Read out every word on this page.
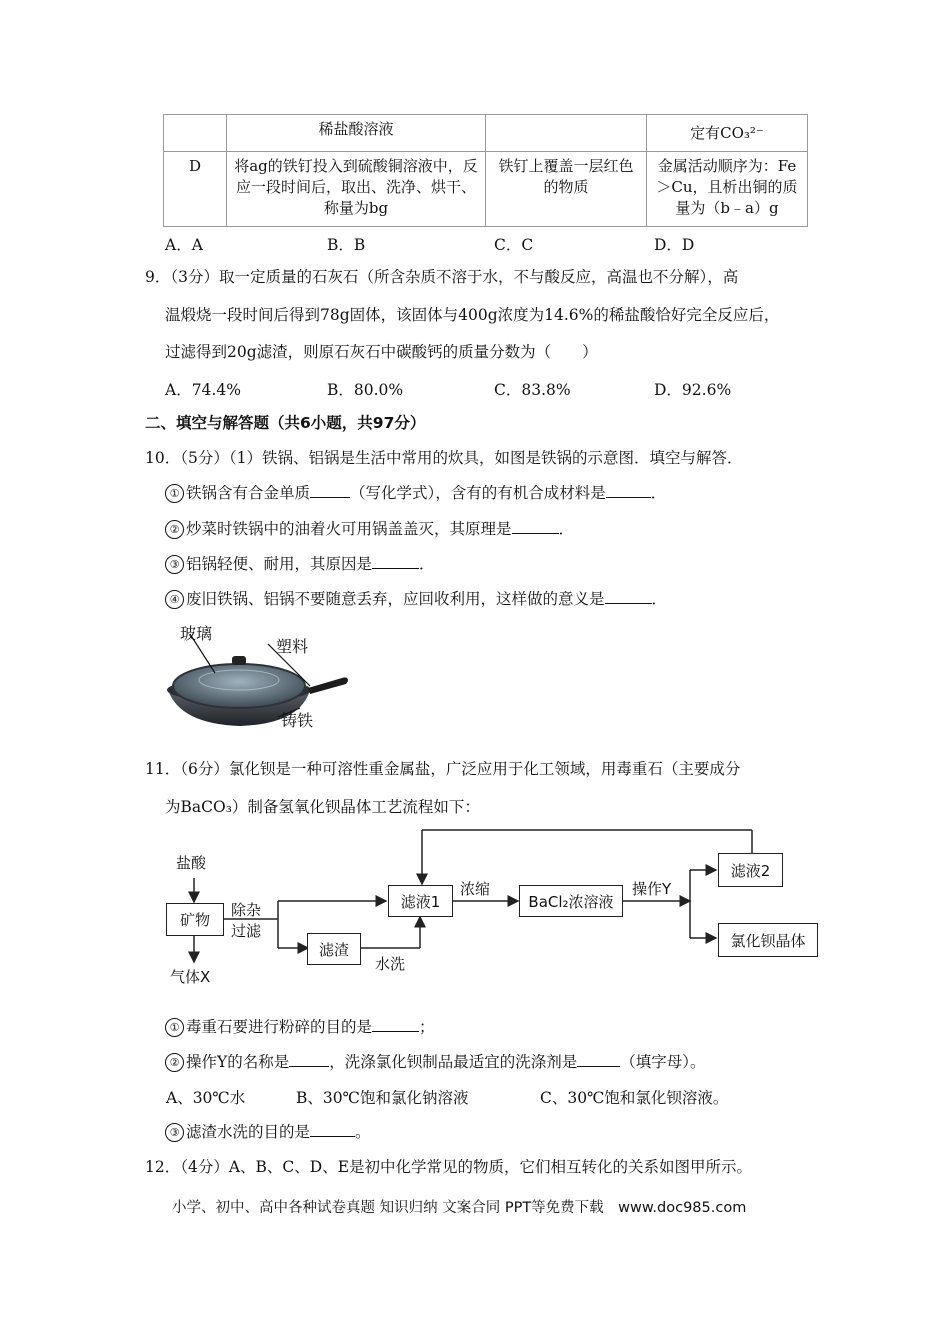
	稀盐酸溶液		定有CO₃²⁻
D	将ag的铁钉投入到硫酸铜溶液中，反应一段时间后，取出、洗净、烘干、称量为bg	铁钉上覆盖一层红色的物质	金属活动顺序为：Fe＞Cu，且析出铜的质量为（b﹣a）g
A．A	B．B	C．C	D．D
9．（3分）取一定质量的石灰石（所含杂质不溶于水，不与酸反应，高温也不分解），高
温煅烧一段时间后得到78g固体，该固体与400g浓度为14.6%的稀盐酸恰好完全反应后，
过滤得到20g滤渣，则原石灰石中碳酸钙的质量分数为（　　）
A．74.4%	B．80.0%	C．83.8%	D．92.6%
二、填空与解答题（共6小题，共97分）
10．（5分）（1）铁锅、铝锅是生活中常用的炊具，如图是铁锅的示意图．填空与解答．
① 铁锅含有合金单质	（写化学式），含有的有机合成材料是	．
② 炒菜时铁锅中的油着火可用锅盖盖灭，其原理是	．
③ 铝锅轻便、耐用，其原因是	．
④ 废旧铁锅、铝锅不要随意丢弃，应回收利用，这样做的意义是	．
玻璃
塑料
铸铁
11．（6分）氯化钡是一种可溶性重金属盐，广泛应用于化工领域，用毒重石（主要成分
为BaCO₃）制备氢氧化钡晶体工艺流程如下：
盐酸
矿物
气体X
除杂
过滤
滤液1
滤渣
水洗
浓缩
BaCl₂浓溶液
操作Y
滤液2
氯化钡晶体
① 毒重石要进行粉碎的目的是	；
② 操作Y的名称是	，洗涤氯化钡制品最适宜的洗涤剂是	（填字母）。
A、30℃水	B、30℃饱和氯化钠溶液	C、30℃饱和氯化钡溶液。
③ 滤渣水洗的目的是	。
12．（4分）A、B、C、D、E是初中化学常见的物质，它们相互转化的关系如图甲所示。
小学、初中、高中各种试卷真题 知识归纳 文案合同 PPT等免费下载　www.doc985.com
